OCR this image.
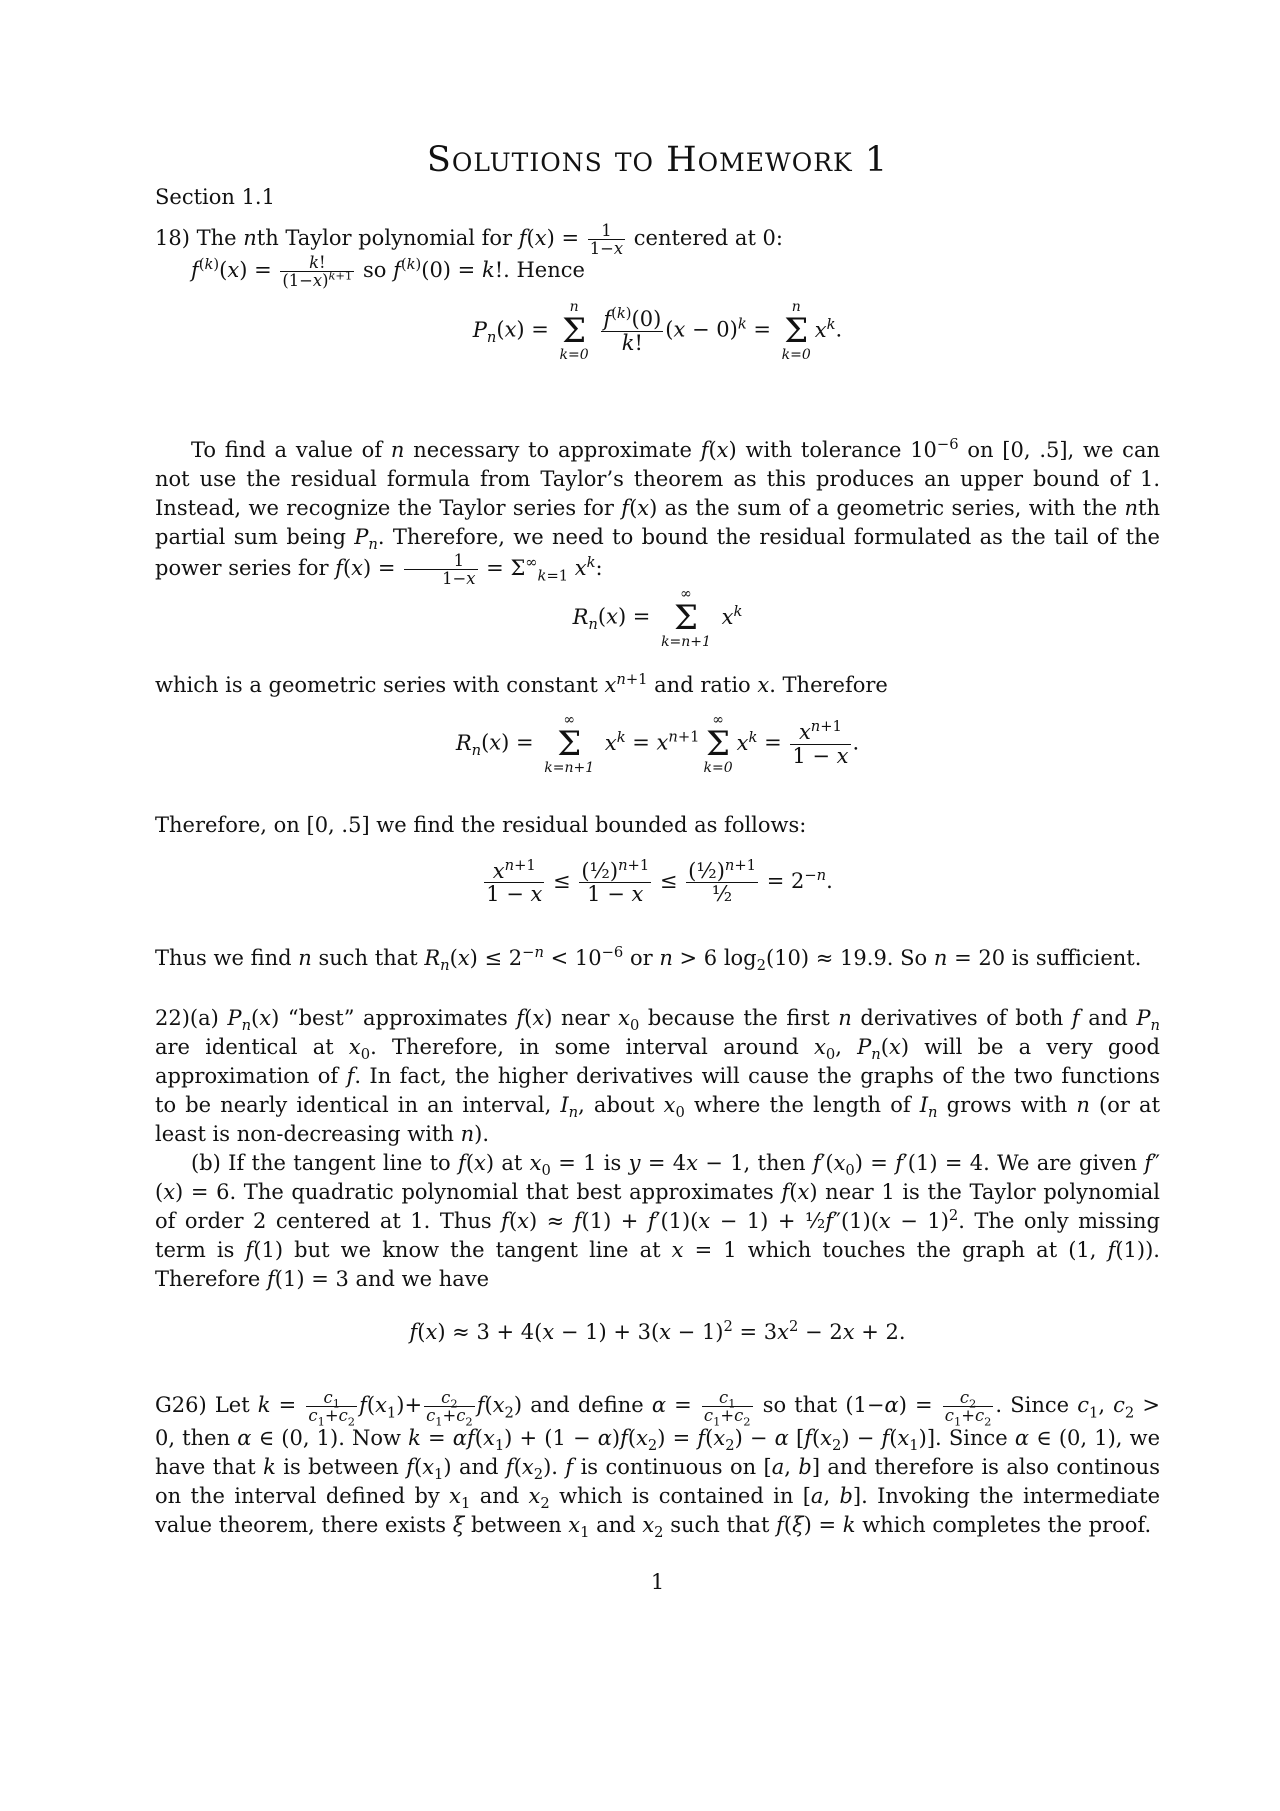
Solutions to Homework 1
Section 1.1
18) The nth Taylor polynomial for $f(x) = \frac{1}{1-x}$ centered at 0:
$f^{(k)}(x) = \frac{k!}{(1-x)^{k+1}}$ so $f^{(k)}(0) = k$!. Hence
$P_n(x)$ =
n
Σ
k=0

$\frac{f^{(k)}(0)}{k!} (x - 0)^k$ =
n
Σ
k=0
$x^k$.
To find a value of n necessary to approximate f(x) with tolerance $10^{-6}$ on [0, .5], we can not use the residual formula from Taylor’s theorem as this produces an upper bound of 1. Instead, we recognize the Taylor series for f(x) as the sum of a geometric series, with the nth partial sum being $P_n$. Therefore, we need to bound the residual formulated as the tail of the power series for $f(x) = \frac{1}{1-x} = \Sigma^\infty_{k=1}$ $x^k$:
$R_n(x)$ =
∞
Σ
k=n+1
$x^k$
which is a geometric series with constant $x^{n+1}$ and ratio x. Therefore
$R_n(x)$ =
∞
Σ
k=n+1
$x^k = x^{n+1}$
∞
Σ
k=0
$x^k = \frac{x^{n+1}}{1 - x}$ .
Therefore, on [0, .5] we find the residual bounded as follows:
$\frac{x^{n+1}}{1 - x} \le \frac{(\frac{1}{2})^{n+1}}{1 - x} \le \frac{(\frac{1}{2})^{n+1}}{\text{½}} = 2^{-n}$.
Thus we find n such that $R_n(x) \le 2^{-n} < 10^{-6}$ or n > 6 $\log_2(10) \approx 19.9$. So n = 20 is sufficient.
22)(a) $P_n(x)$ “best” approximates f(x) near $x_0$ because the first n derivatives of both f and $P_n$ are identical at $x_0$. Therefore, in some interval around $x_0$, $P_n(x)$ will be a very good approximation of f. In fact, the higher derivatives will cause the graphs of the two functions to be nearly identical in an interval, $I_n$, about $x_0$ where the length of $I_n$ grows with n (or at least is non-decreasing with n).
(b) If the tangent line to f(x) at $x_0 = 1$ is y = 4x − 1, then $f'(x_0) = f'(1) = 4$. We are given f″(x) = 6. The quadratic polynomial that best approximates f(x) near 1 is the Taylor polynomial of order 2 centered at 1. Thus f(x) ≈ f(1) + f′(1)(x − 1) + ½f″(1)(x − 1)$^2$. The only missing term is f(1) but we know the tangent line at x = 1 which touches the graph at (1, f(1)). Therefore f(1) = 3 and we have
$f(x) \approx 3 + 4(x - 1) + 3(x - 1)^2 = 3x^2 - 2x + 2$.
G26) Let $k = \frac{c_1}{c_1+c_2} f(x_1)+ \frac{c_2}{c_1+c_2} f(x_2)$ and define $\alpha = \frac{c_1}{c_1+c_2}$ so that $(1-\alpha) = \frac{c_2}{c_1+c_2}$ . Since $c_1$, $c_2 > 0$, then α ∈ (0, 1). Now $k = \alpha f(x_1) + (1 - \alpha)f(x_2) = f(x_2) - \alpha$ $[f(x_2) - f(x_1)]$. Since α ∈ (0, 1), we have that k is between $f(x_1)$ and $f(x_2)$. f is continuous on [a, b] and therefore is also continous on the interval defined by $x_1$ and $x_2$ which is contained in [a, b]. Invoking the intermediate value theorem, there exists ξ between $x_1$ and $x_2$ such that f(ξ) = k which completes the proof.
1
